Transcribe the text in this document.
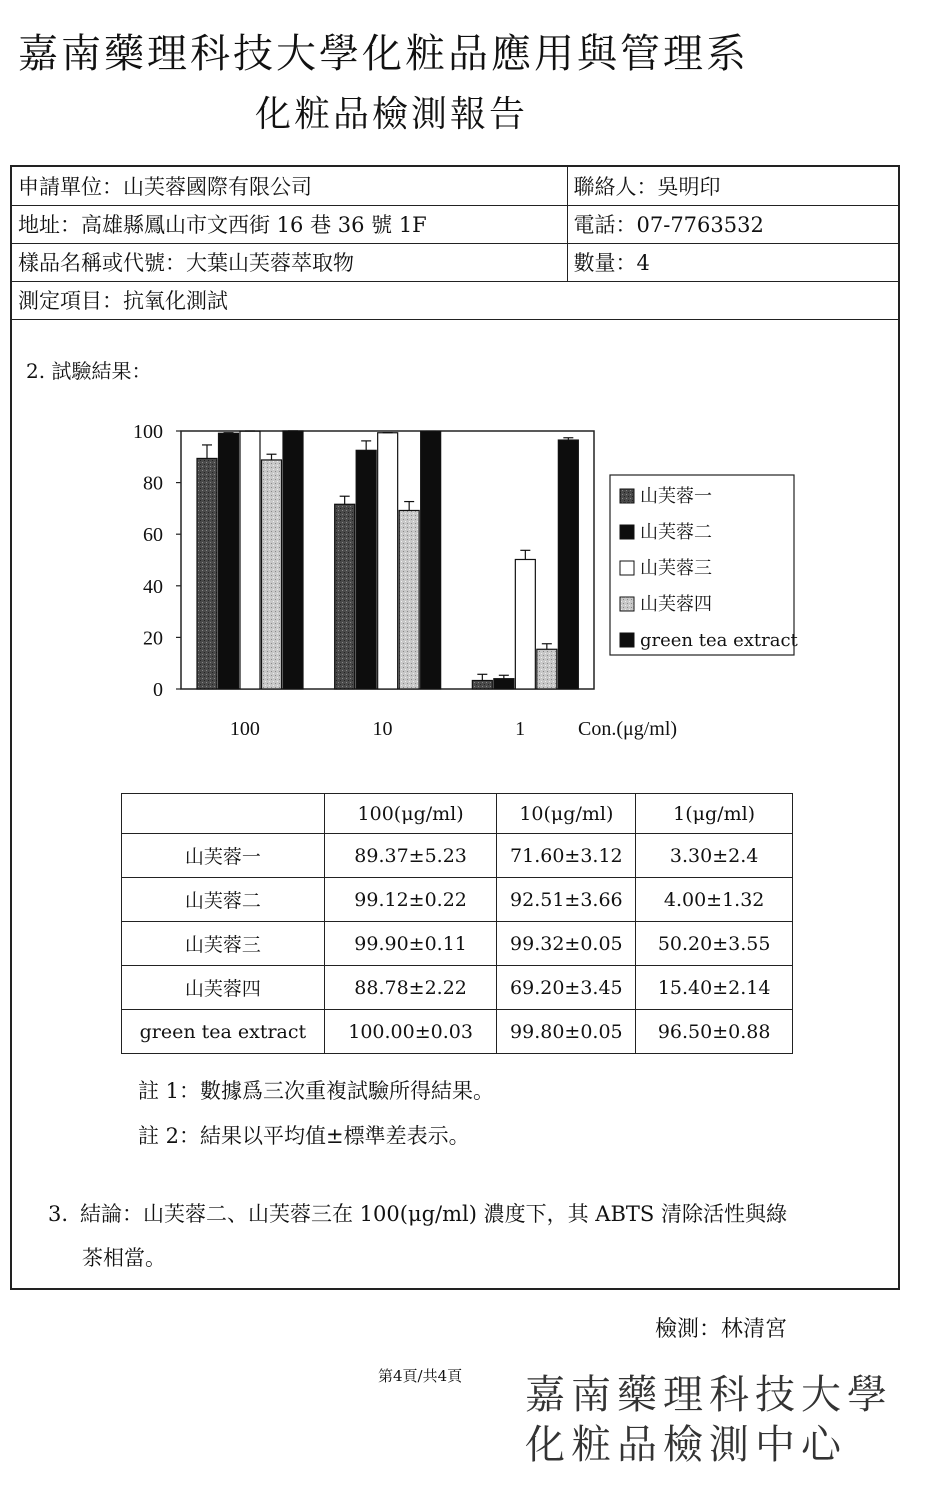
嘉南藥理科技大學化粧品應用與管理系
化粧品檢測報告
申請單位：山芙蓉國際有限公司	聯絡人：吳明印
地址：高雄縣鳳山市文西街 16 巷 36 號 1F	電話：07-7763532
樣品名稱或代號：大葉山芙蓉萃取物	數量：4
測定項目：抗氧化測試	
2. 試驗結果：
0
20
40
60
80
100
100	10	1	Con.(μg/ml)
山芙蓉一
山芙蓉二
山芙蓉三
山芙蓉四
green tea extract
	100(μg/ml)	10(μg/ml)	1(μg/ml)
山芙蓉一	89.37±5.23	71.60±3.12	3.30±2.4
山芙蓉二	99.12±0.22	92.51±3.66	4.00±1.32
山芙蓉三	99.90±0.11	99.32±0.05	50.20±3.55
山芙蓉四	88.78±2.22	69.20±3.45	15.40±2.14
green tea extract	100.00±0.03	99.80±0.05	96.50±0.88
註 1：數據爲三次重複試驗所得結果。
註 2：結果以平均值±標準差表示。
3. 結論：山芙蓉二、山芙蓉三在 100(μg/ml) 濃度下，其 ABTS 清除活性與綠
茶相當。
檢測：林清宮
第4頁/共4頁 嘉南藥理科技大學
化粧品檢測中心
